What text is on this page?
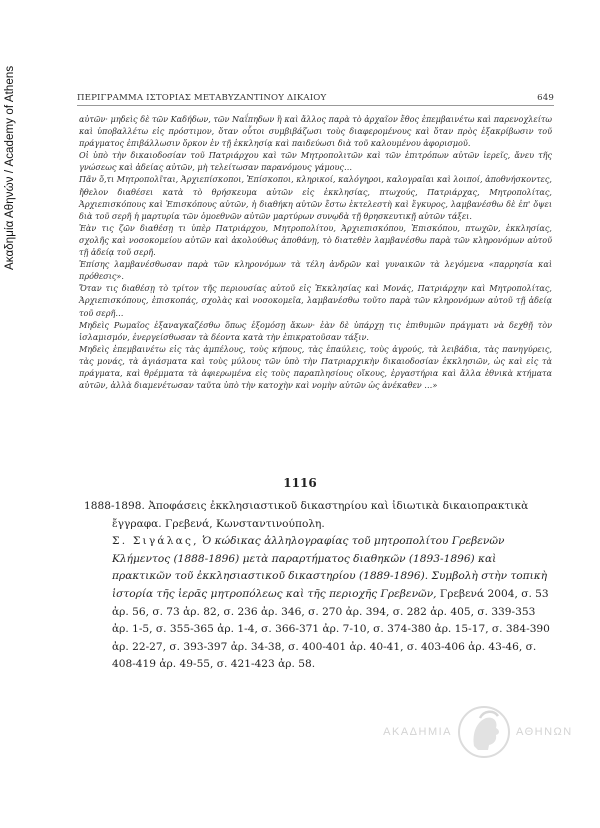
Ακαδημία Αθηνών / Academy of Athens	ΠΕΡΙΓΡΑΜΜΑ ΙΣΤΟΡΙΑΣ ΜΕΤΑΒΥΖΑΝΤΙΝΟΥ ΔΙΚΑΙΟΥ	649

αὐτῶν· μηδεὶς δὲ τῶν Καδήδων, τῶν Ναΐπηδων ἢ καὶ ἄλλος παρὰ τὸ ἀρχαῖον ἔθος ἐπεμβαινέτω καὶ παρενοχλείτω καὶ ὑποβαλλέτω εἰς πρόστιμον, ὅταν οὗτοι συμβιβάζωσι τοὺς διαφερομένους καὶ ὅταν πρὸς ἐξακρίβωσιν τοῦ πράγματος ἐπιβάλλωσιν ὅρκον ἐν τῇ ἐκκλησίᾳ καὶ παιδεύωσι διὰ τοῦ καλουμένου ἀφορισμοῦ.

Οἱ ὑπὸ τὴν δικαιοδοσίαν τοῦ Πατριάρχου καὶ τῶν Μητροπολιτῶν καὶ τῶν ἐπιτρόπων αὐτῶν ἱερεῖς, ἄνευ τῆς γνώσεως καὶ ἀδείας αὐτῶν, μὴ τελείτωσαν παρανόμους γάμους…

Πᾶν ὅ,τι Μητροπολῖται, Ἀρχιεπίσκοποι, Ἐπίσκοποι, κληρικοί, καλόγηροι, καλογραῖαι καὶ λοιποί, ἀποθνήσκοντες, ἤθελον διαθέσει κατὰ τὸ θρήσκευμα αὐτῶν εἰς ἐκκλησίας, πτωχούς, Πατριάρχας, Μητροπολίτας, Ἀρχιεπισκόπους καὶ Ἐπισκόπους αὐτῶν, ἡ διαθήκη αὐτῶν ἔστω ἐκτελεστὴ καὶ ἔγκυρος, λαμβανέσθω δὲ ἐπ' ὄψει διὰ τοῦ σερῆ ἡ μαρτυρία τῶν ὁμοεθνῶν αὐτῶν μαρτύρων συνῳδὰ τῇ θρησκευτικῇ αὐτῶν τάξει.

Ἐὰν τις ζῶν διαθέσῃ τι ὑπὲρ Πατριάρχου, Μητροπολίτου, Ἀρχιεπισκόπου, Ἐπισκόπου, πτωχῶν, ἐκκλησίας, σχολῆς καὶ νοσοκομείου αὐτῶν καὶ ἀκολούθως ἀποθάνῃ, τὸ διατεθὲν λαμβανέσθω παρὰ τῶν κληρονόμων αὐτοῦ τῇ ἀδείᾳ τοῦ σερῆ.

Ἐπίσης λαμβανέσθωσαν παρὰ τῶν κληρονόμων τὰ τέλη ἀνδρῶν καὶ γυναικῶν τὰ λεγόμενα «παρρησία καὶ πρόθεσις».

Ὅταν τις διαθέσῃ τὸ τρίτον τῆς περιουσίας αὐτοῦ εἰς Ἐκκλησίας καὶ Μονάς, Πατριάρχην καὶ Μητροπολίτας, Ἀρχιεπισκόπους, ἐπισκοπάς, σχολὰς καὶ νοσοκομεῖα, λαμβανέσθω τοῦτο παρὰ τῶν κληρονόμων αὐτοῦ τῇ ἀδείᾳ τοῦ σερῆ…

Μηδεὶς Ρωμαῖος ἐξαναγκαζέσθω ὅπως ἐξομόσῃ ἄκων· ἐὰν δὲ ὑπάρχῃ τις ἐπιθυμῶν πράγματι νὰ δεχθῇ τὸν ἰσλαμισμόν, ἐνεργείσθωσαν τὰ δέοντα κατὰ τὴν ἐπικρατοῦσαν τάξιν.

Μηδεὶς ἐπεμβαινέτω εἰς τὰς ἀμπέλους, τοὺς κήπους, τὰς ἐπαύλεις, τοὺς ἀγρούς, τὰ λειβάδια, τὰς πανηγύρεις, τὰς μονάς, τὰ ἁγιάσματα καὶ τοὺς μύλους τῶν ὑπὸ τὴν Πατριαρχικὴν δικαιοδοσίαν ἐκκλησιῶν, ὡς καὶ εἰς τὰ πράγματα, καὶ θρέμματα τὰ ἀφιερωμένα εἰς τοὺς παραπλησίους οἴκους, ἐργαστήρια καὶ ἄλλα ἐθνικὰ κτήματα αὐτῶν, ἀλλὰ διαμενέτωσαν ταῦτα ὑπὸ τὴν κατοχὴν καὶ νομὴν αὐτῶν ὡς ἀνέκαθεν …»

1116

1888-1898. Ἀποφάσεις ἐκκλησιαστικοῦ δικαστηρίου καὶ ἰδιωτικὰ δικαιοπρακτικὰ ἔγγραφα. Γρεβενά, Κωνσταντινούπολη.

Σ. Σιγάλας, Ὁ κώδικας ἀλληλογραφίας τοῦ μητροπολίτου Γρεβενῶν Κλήμεντος (1888-1896) μετὰ παραρτήματος διαθηκῶν (1893-1896) καὶ πρακτικῶν τοῦ ἐκκλησιαστικοῦ δικαστηρίου (1889-1896). Συμβολὴ στὴν τοπικὴ ἱστορία τῆς ἱερᾶς μητροπόλεως καὶ τῆς περιοχῆς Γρεβενῶν, Γρεβενά 2004, σ. 53 ἀρ. 56, σ. 73 ἀρ. 82, σ. 236 ἀρ. 346, σ. 270 ἀρ. 394, σ. 282 ἀρ. 405, σ. 339-353 ἀρ. 1-5, σ. 355-365 ἀρ. 1-4, σ. 366-371 ἀρ. 7-10, σ. 374-380 ἀρ. 15-17, σ. 384-390 ἀρ. 22-27, σ. 393-397 ἀρ. 34-38, σ. 400-401 ἀρ. 40-41, σ. 403-406 ἀρ. 43-46, σ. 408-419 ἀρ. 49-55, σ. 421-423 ἀρ. 58.

ΑΚΑΔΗΜΙΑ	ΑΘΗΝΩΝ
